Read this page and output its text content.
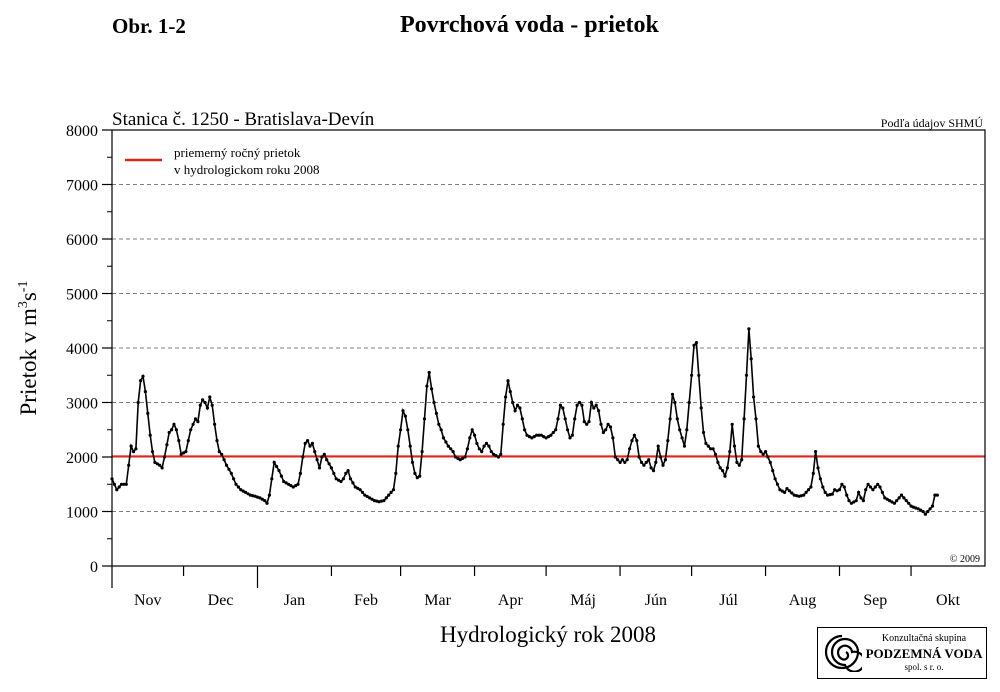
Obr. 1-2	Povrchová voda - prietok
0
1000
2000
3000
4000
5000
6000
7000
8000
Nov	Dec	Jan	Feb	Mar	Apr	Máj	Jún	Júl	Aug	Sep	Okt
Stanica č. 1250 - Bratislava-Devín	Podľa údajov SHMÚ
© 2009
priemerný ročný prietok
v hydrologickom roku 2008
Hydrologický rok 2008
Prietok v $m^3s^{-1}$
Konzultačná skupina
PODZEMNÁ VODA
spol. s r. o.
